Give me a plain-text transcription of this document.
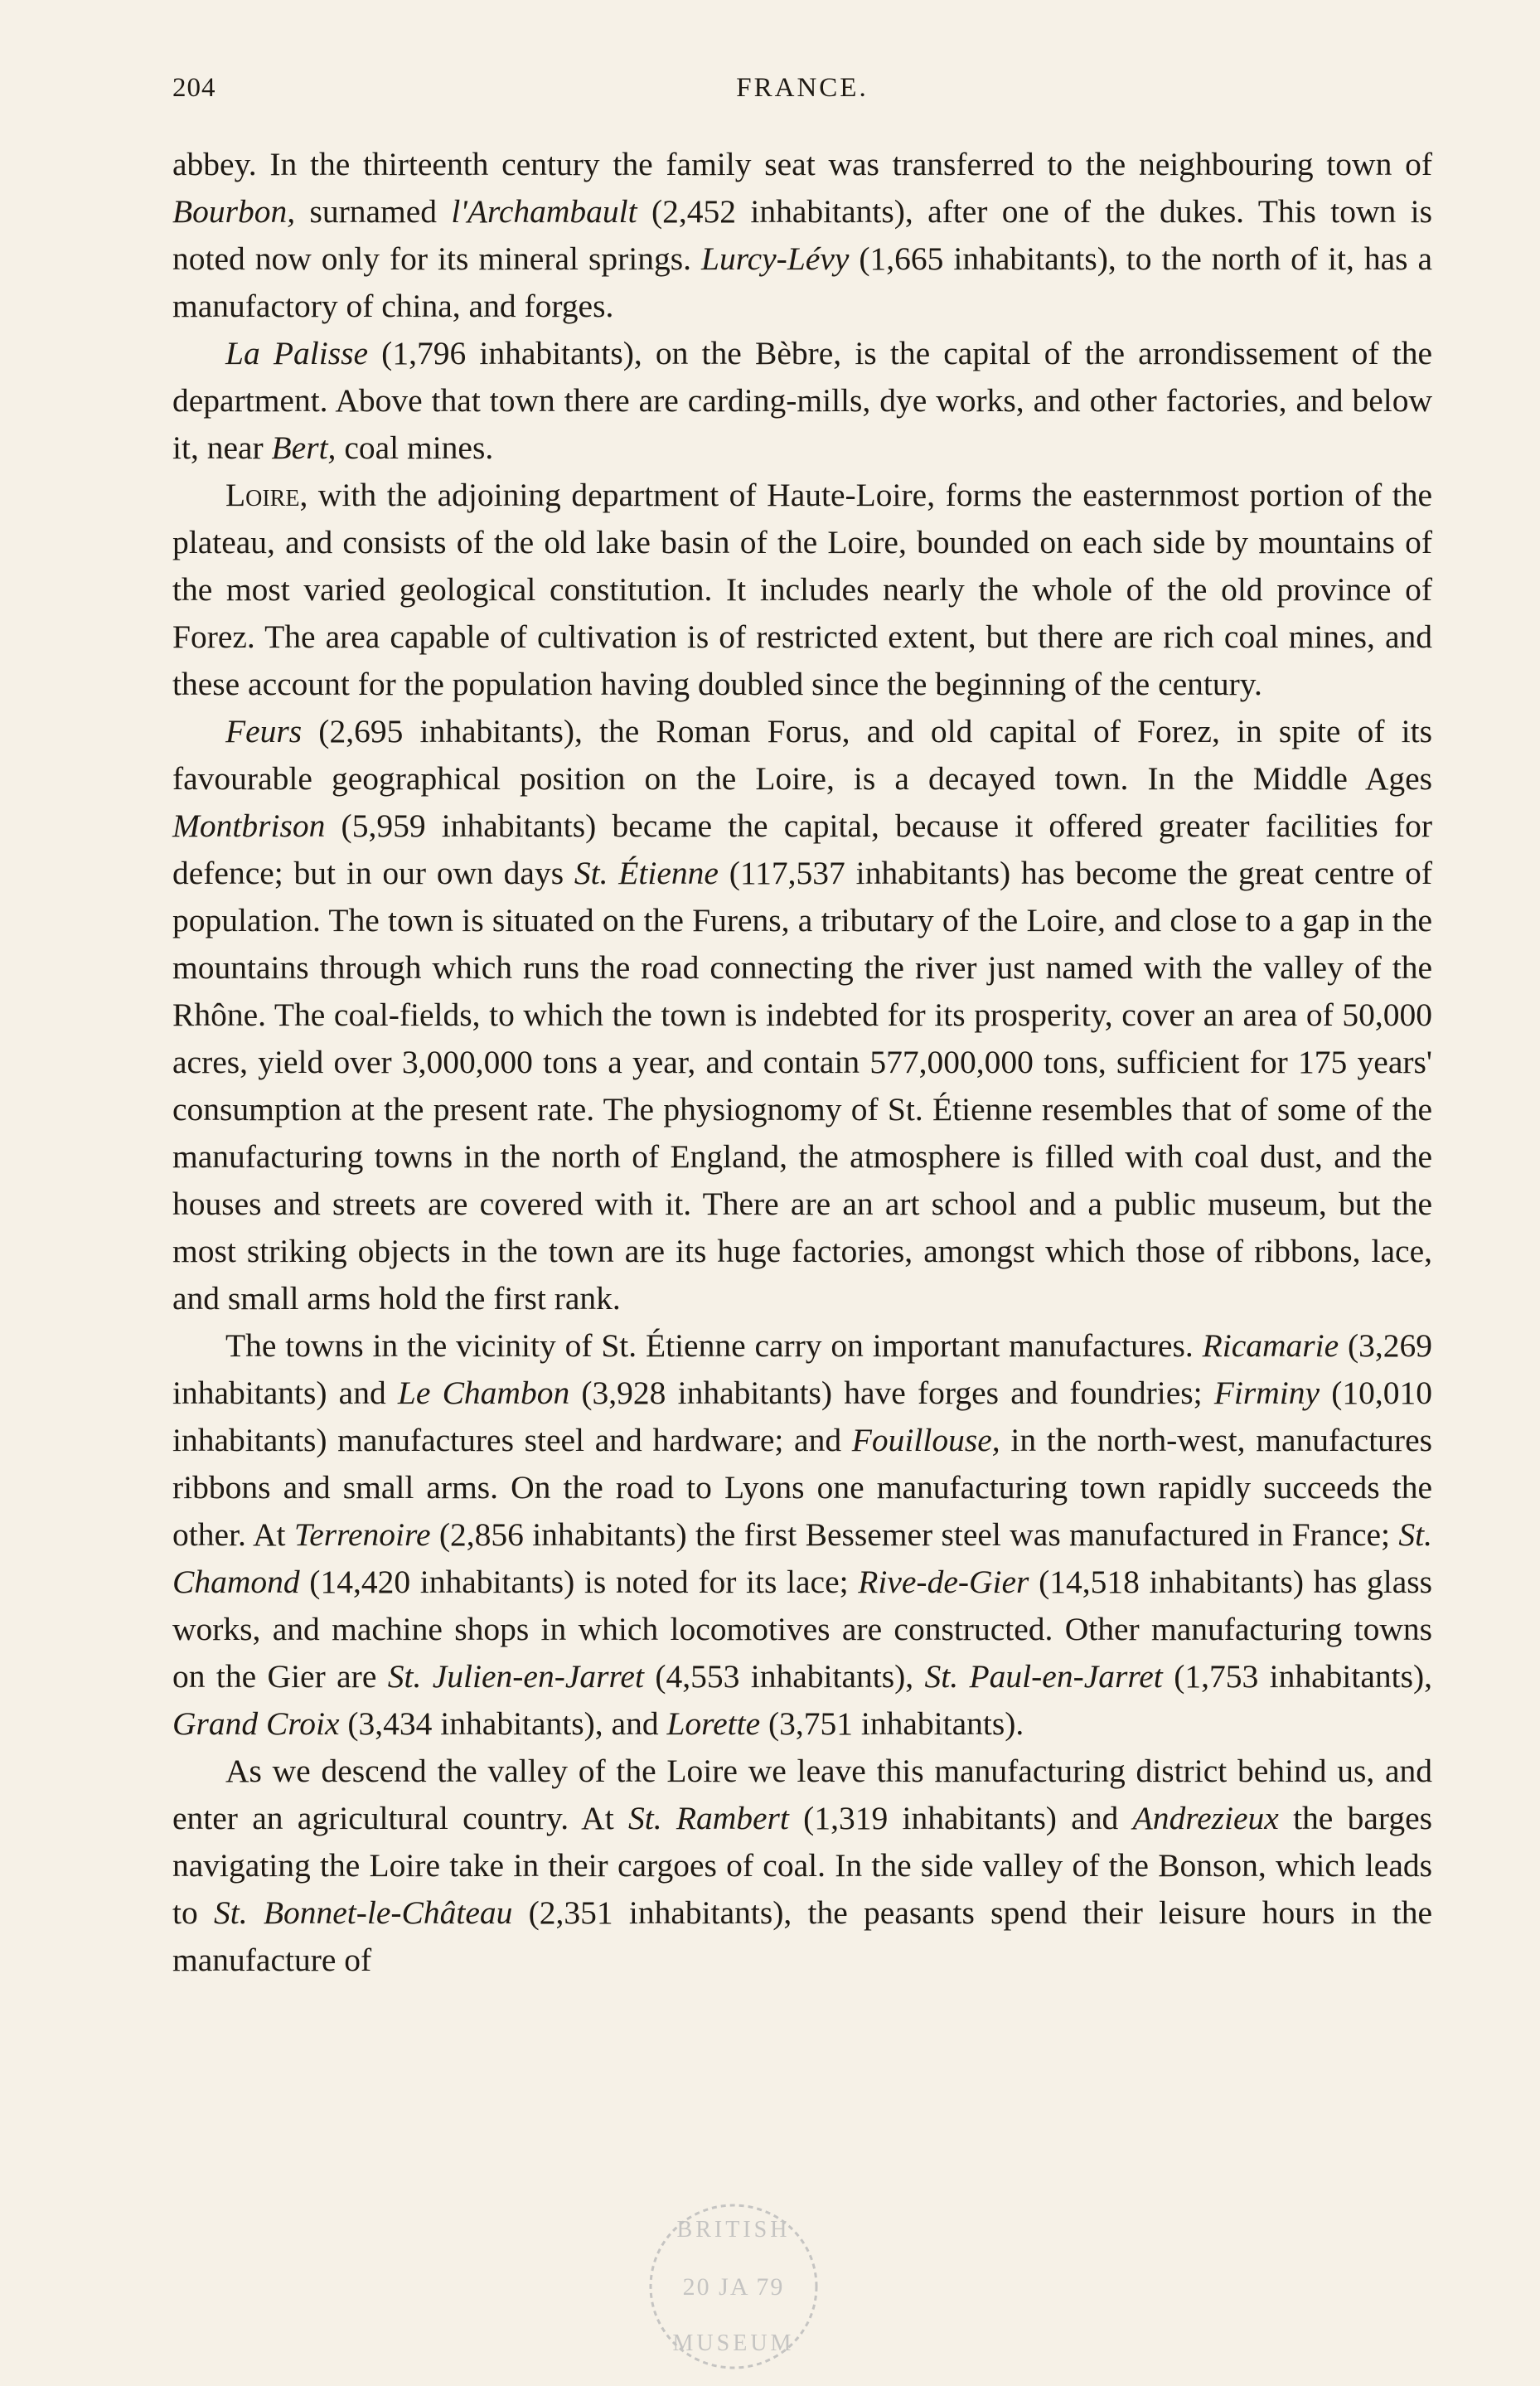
204	FRANCE.

abbey. In the thirteenth century the family seat was transferred to the neighbouring town of Bourbon, surnamed l'Archambault (2,452 inhabitants), after one of the dukes. This town is noted now only for its mineral springs. Lurcy-Lévy (1,665 inhabitants), to the north of it, has a manufactory of china, and forges.

La Palisse (1,796 inhabitants), on the Bèbre, is the capital of the arrondissement of the department. Above that town there are carding-mills, dye works, and other factories, and below it, near Bert, coal mines.

Loire, with the adjoining department of Haute-Loire, forms the easternmost portion of the plateau, and consists of the old lake basin of the Loire, bounded on each side by mountains of the most varied geological constitution. It includes nearly the whole of the old province of Forez. The area capable of cultivation is of restricted extent, but there are rich coal mines, and these account for the population having doubled since the beginning of the century.

Feurs (2,695 inhabitants), the Roman Forus, and old capital of Forez, in spite of its favourable geographical position on the Loire, is a decayed town. In the Middle Ages Montbrison (5,959 inhabitants) became the capital, because it offered greater facilities for defence; but in our own days St. Étienne (117,537 inhabitants) has become the great centre of population. The town is situated on the Furens, a tributary of the Loire, and close to a gap in the mountains through which runs the road connecting the river just named with the valley of the Rhône. The coal-fields, to which the town is indebted for its prosperity, cover an area of 50,000 acres, yield over 3,000,000 tons a year, and contain 577,000,000 tons, sufficient for 175 years' consumption at the present rate. The physiognomy of St. Étienne resembles that of some of the manufacturing towns in the north of England, the atmosphere is filled with coal dust, and the houses and streets are covered with it. There are an art school and a public museum, but the most striking objects in the town are its huge factories, amongst which those of ribbons, lace, and small arms hold the first rank.

The towns in the vicinity of St. Étienne carry on important manufactures. Ricamarie (3,269 inhabitants) and Le Chambon (3,928 inhabitants) have forges and foundries; Firminy (10,010 inhabitants) manufactures steel and hardware; and Fouillouse, in the north-west, manufactures ribbons and small arms. On the road to Lyons one manufacturing town rapidly succeeds the other. At Terrenoire (2,856 inhabitants) the first Bessemer steel was manufactured in France; St. Chamond (14,420 inhabitants) is noted for its lace; Rive-de-Gier (14,518 inhabitants) has glass works, and machine shops in which locomotives are constructed. Other manufacturing towns on the Gier are St. Julien-en-Jarret (4,553 inhabitants), St. Paul-en-Jarret (1,753 inhabitants), Grand Croix (3,434 inhabitants), and Lorette (3,751 inhabitants).

As we descend the valley of the Loire we leave this manufacturing district behind us, and enter an agricultural country. At St. Rambert (1,319 inhabitants) and Andrezieux the barges navigating the Loire take in their cargoes of coal. In the side valley of the Bonson, which leads to St. Bonnet-le-Château (2,351 inhabitants), the peasants spend their leisure hours in the manufacture of

BRITISH
20 JA 79
MUSEUM
